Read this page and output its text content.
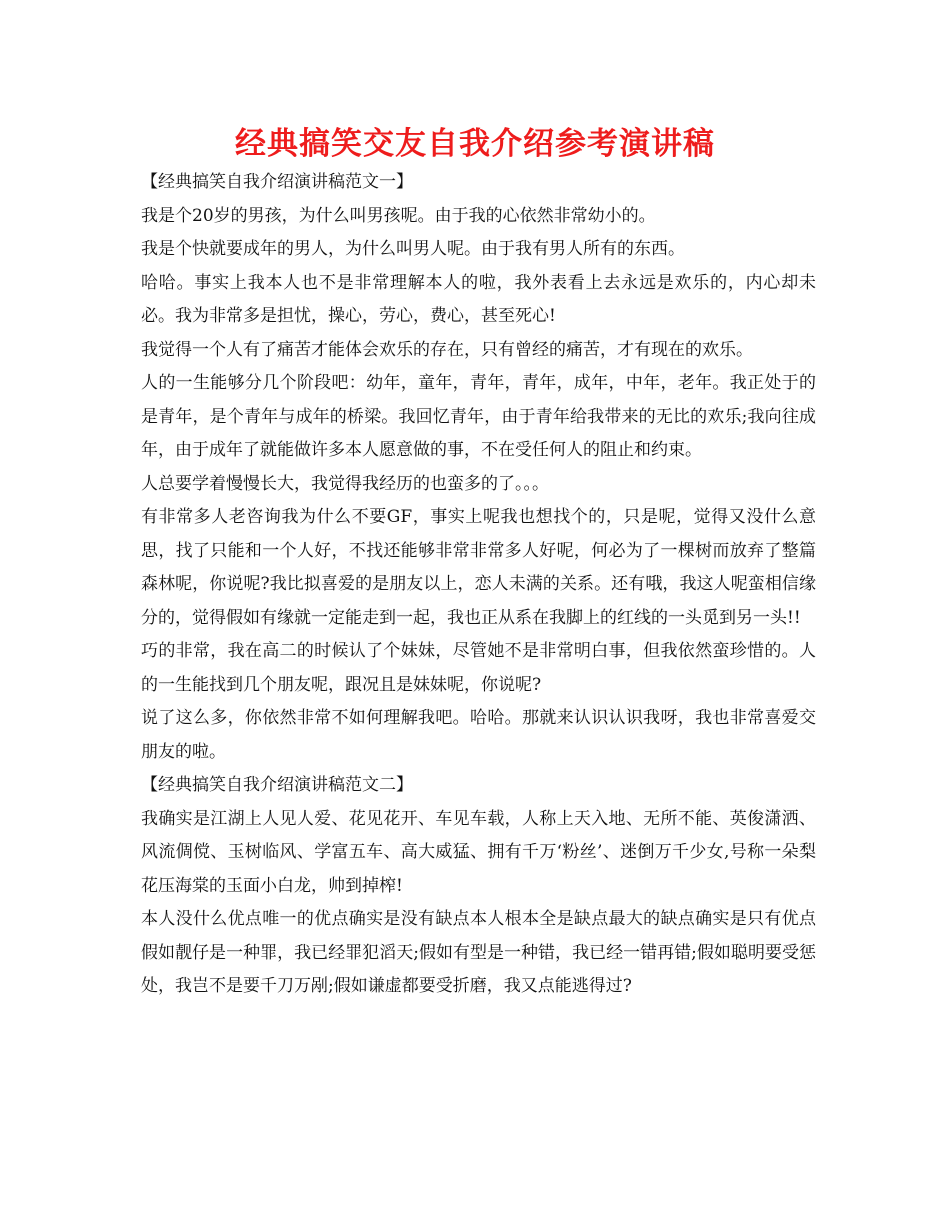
经典搞笑交友自我介绍参考演讲稿

【经典搞笑自我介绍演讲稿范文一】

我是个20岁的男孩，为什么叫男孩呢。由于我的心依然非常幼小的。

我是个快就要成年的男人，为什么叫男人呢。由于我有男人所有的东西。

哈哈。事实上我本人也不是非常理解本人的啦，我外表看上去永远是欢乐的，内心却未必。我为非常多是担忧，操心，劳心，费心，甚至死心!

我觉得一个人有了痛苦才能体会欢乐的存在，只有曾经的痛苦，才有现在的欢乐。

人的一生能够分几个阶段吧：幼年，童年，青年，青年，成年，中年，老年。我正处于的是青年，是个青年与成年的桥梁。我回忆青年，由于青年给我带来的无比的欢乐;我向往成年，由于成年了就能做许多本人愿意做的事，不在受任何人的阻止和约束。

人总要学着慢慢长大，我觉得我经历的也蛮多的了。。。

有非常多人老咨询我为什么不要GF，事实上呢我也想找个的，只是呢，觉得又没什么意思，找了只能和一个人好，不找还能够非常非常多人好呢，何必为了一棵树而放弃了整篇森林呢，你说呢?我比拟喜爱的是朋友以上，恋人未满的关系。还有哦，我这人呢蛮相信缘分的，觉得假如有缘就一定能走到一起，我也正从系在我脚上的红线的一头觅到另一头!!

巧的非常，我在高二的时候认了个妹妹，尽管她不是非常明白事，但我依然蛮珍惜的。人的一生能找到几个朋友呢，跟况且是妹妹呢，你说呢?

说了这么多，你依然非常不如何理解我吧。哈哈。那就来认识认识我呀，我也非常喜爱交朋友的啦。

【经典搞笑自我介绍演讲稿范文二】

我确实是江湖上人见人爱、花见花开、车见车载，人称上天入地、无所不能、英俊潇洒、风流倜傥、玉树临风、学富五车、高大威猛、拥有千万‘粉丝’、迷倒万千少女,号称一朵梨花压海棠的玉面小白龙，帅到掉榨!

本人没什么优点唯一的优点确实是没有缺点本人根本全是缺点最大的缺点确实是只有优点假如靓仔是一种罪，我已经罪犯滔天;假如有型是一种错，我已经一错再错;假如聪明要受惩处，我岂不是要千刀万剐;假如谦虚都要受折磨，我又点能逃得过?
